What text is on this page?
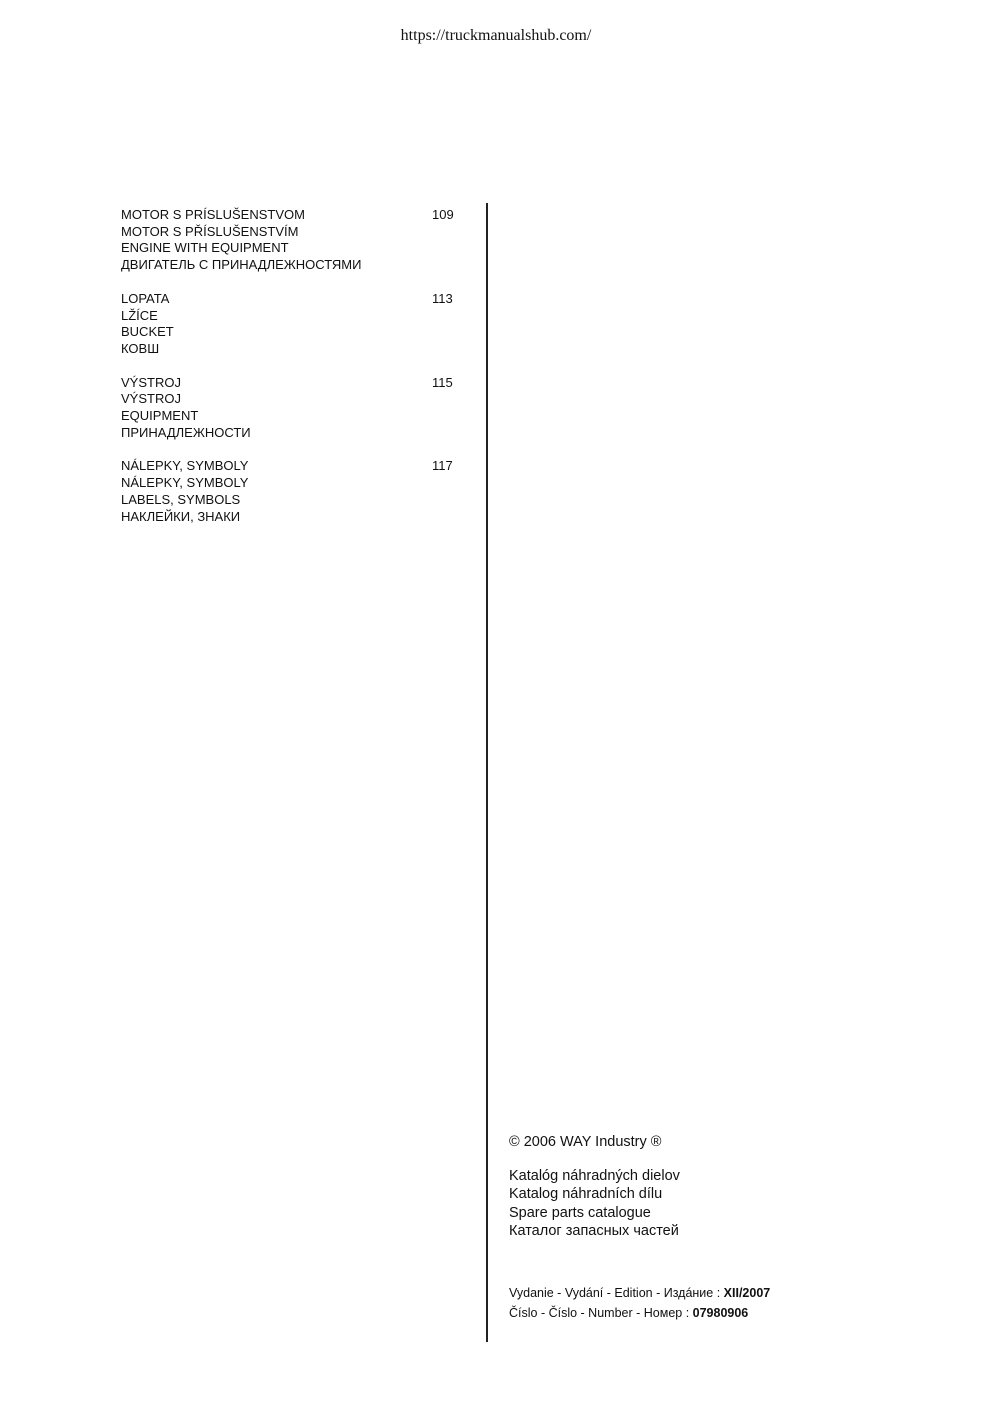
https://truckmanualshub.com/
MOTOR S PRÍSLUŠENSTVOM
MOTOR S PŘÍSLUŠENSTVÍM
ENGINE WITH EQUIPMENT
ДВИГАТЕЛЬ С ПРИНАДЛЕЖНОСТЯМИ
109
LOPATA
LŽÍCE
BUCKET
КОВШ
113
VÝSTROJ
VÝSTROJ
EQUIPMENT
ПРИНАДЛЕЖНОСТИ
115
NÁLEPKY, SYMBOLY
NÁLEPKY, SYMBOLY
LABELS, SYMBOLS
НАКЛЕЙКИ, ЗНАКИ
117
© 2006 WAY Industry ®
Katalóg náhradných dielov
Katalog náhradních dílu
Spare parts catalogue
Каталог запасных частей
Vydanie - Vydání - Edition - Издáние : XII/2007
Číslo - Číslo - Number - Номер : 07980906
